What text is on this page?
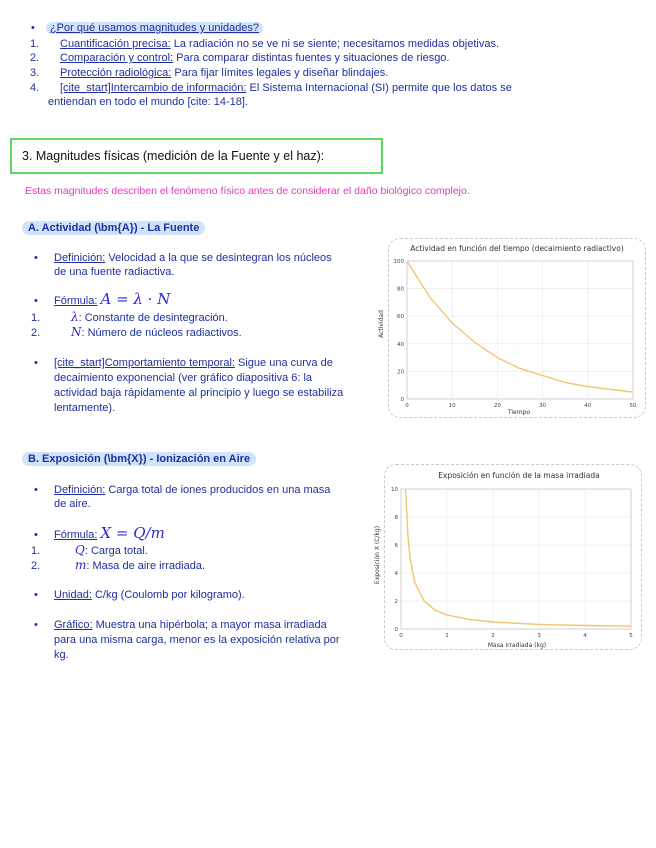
• ¿Por qué usamos magnitudes y unidades?
1. Cuantificación precisa: La radiación no se ve ni se siente; necesitamos medidas objetivas.
2. Comparación y control: Para comparar distintas fuentes y situaciones de riesgo.
3. Protección radiológica: Para fijar límites legales y diseñar blindajes.
4. [cite_start]Intercambio de información: El Sistema Internacional (SI) permite que los datos se
entiendan en todo el mundo [cite: 14-18].
3. Magnitudes físicas (medición de la Fuente y el haz):
Estas magnitudes describen el fenómeno físico antes de considerar el daño biológico complejo.
A. Actividad (\bm{A}) - La Fuente
• Definición: Velocidad a la que se desintegran los núcleos
de una fuente radiactiva.
• Fórmula: A = λ · N
1.	λ: Constante de desintegración.
2.	N: Número de núcleos radiactivos.
• [cite_start]Comportamiento temporal: Sigue una curva de
decaimiento exponencial (ver gráfico diapositiva 6: la
actividad baja rápidamente al principio y luego se estabiliza
lentamente).
Actividad en función del tiempo (decaimiento radiactivo)
Tiempo
Actividad
0	10	20	30	40	50
0
20
40
60
80
100
B. Exposición (\bm{X}) - Ionización en Aire
• Definición: Carga total de iones producidos en una masa
de aire.
• Fórmula: X = Q/m
1.	Q: Carga total.
2.	m: Masa de aire irradiada.
• Unidad: C/kg (Coulomb por kilogramo).
• Gráfico: Muestra una hipérbola; a mayor masa irradiada
para una misma carga, menor es la exposición relativa por
kg.
Exposición en función de la masa irradiada
Masa irradiada (kg)
Exposición X (C/kg)
0	1	2	3	4	5
0
2
4
6
8
10
